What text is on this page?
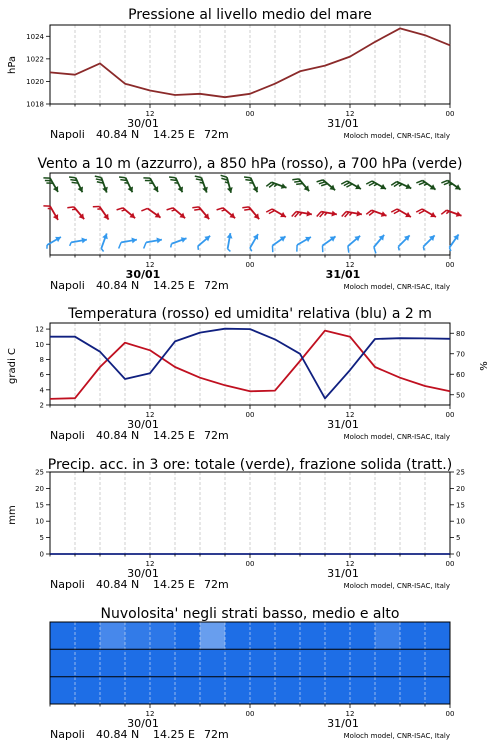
Pressione al livello medio del mare
hPa
1018
1020
1022
1024
12	00	12	00
30/01	31/01
Napoli 40.84 N 14.25 E 72m	Moloch model, CNR-ISAC, Italy
Vento a 10 m (azzurro), a 850 hPa (rosso), a 700 hPa (verde)
12	00	12	00
30/01	31/01
Napoli 40.84 N 14.25 E 72m	Moloch model, CNR-ISAC, Italy
Temperatura (rosso) ed umidita' relativa (blu) a 2 m
gradi C	%
2
4
6
8
10
12
50
60
70
80
12	00	12	00
30/01	31/01
Napoli 40.84 N 14.25 E 72m	Moloch model, CNR-ISAC, Italy
Precip. acc. in 3 ore: totale (verde), frazione solida (tratt.)
mm
0
5
10
15
20
25
0
5
10
15
20
25
12	00	12	00
30/01	31/01
Napoli 40.84 N 14.25 E 72m	Moloch model, CNR-ISAC, Italy
Nuvolosita' negli strati basso, medio e alto
12	00	12	00
30/01	31/01
Napoli 40.84 N 14.25 E 72m	Moloch model, CNR-ISAC, Italy
